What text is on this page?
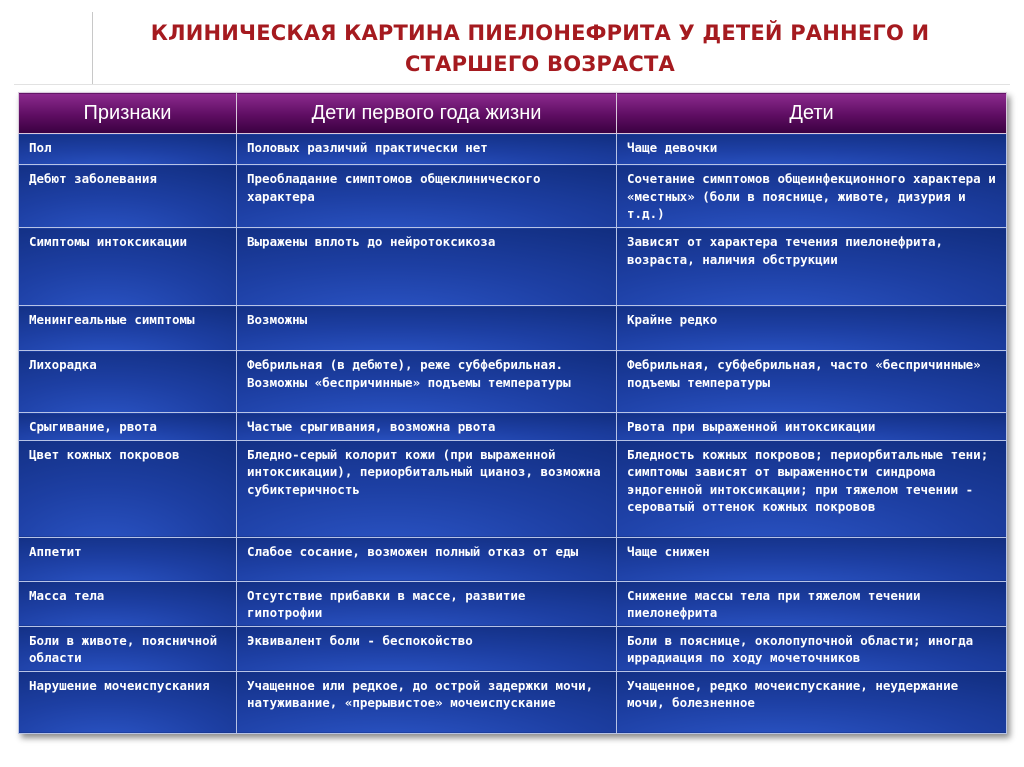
КЛИНИЧЕСКАЯ КАРТИНА ПИЕЛОНЕФРИТА У ДЕТЕЙ РАННЕГО И
СТАРШЕГО ВОЗРАСТА
Признаки	Дети первого года жизни	Дети
Пол	Половых различий практически нет	Чаще девочки
Дебют заболевания	Преобладание симптомов общеклинического характера	Сочетание симптомов общеинфекционного характера и «местных» (боли в пояснице, животе, дизурия и т.д.)
Симптомы интоксикации	Выражены вплоть до нейротоксикоза	Зависят от характера течения пиелонефрита, возраста, наличия обструкции
Менингеальные симптомы	Возможны	Крайне редко
Лихорадка	Фебрильная (в дебюте), реже субфебрильная. Возможны «беспричинные» подъемы температуры	Фебрильная, субфебрильная, часто «беспричинные» подъемы температуры
Срыгивание, рвота	Частые срыгивания, возможна рвота	Рвота при выраженной интоксикации
Цвет кожных покровов	Бледно-серый колорит кожи (при выраженной интоксикации), периорбитальный цианоз, возможна субиктеричность	Бледность кожных покровов; периорбитальные тени; симптомы зависят от выраженности синдрома эндогенной интоксикации; при тяжелом течении - сероватый оттенок кожных покровов
Аппетит	Слабое сосание, возможен полный отказ от еды	Чаще снижен
Масса тела	Отсутствие прибавки в массе, развитие гипотрофии	Снижение массы тела при тяжелом течении пиелонефрита
Боли в животе, поясничной области	Эквивалент боли - беспокойство	Боли в пояснице, околопупочной области; иногда иррадиация по ходу мочеточников
Нарушение мочеиспускания	Учащенное или редкое, до острой задержки мочи, натуживание, «прерывистое» мочеиспускание	Учащенное, редко мочеиспускание, неудержание мочи, болезненное
